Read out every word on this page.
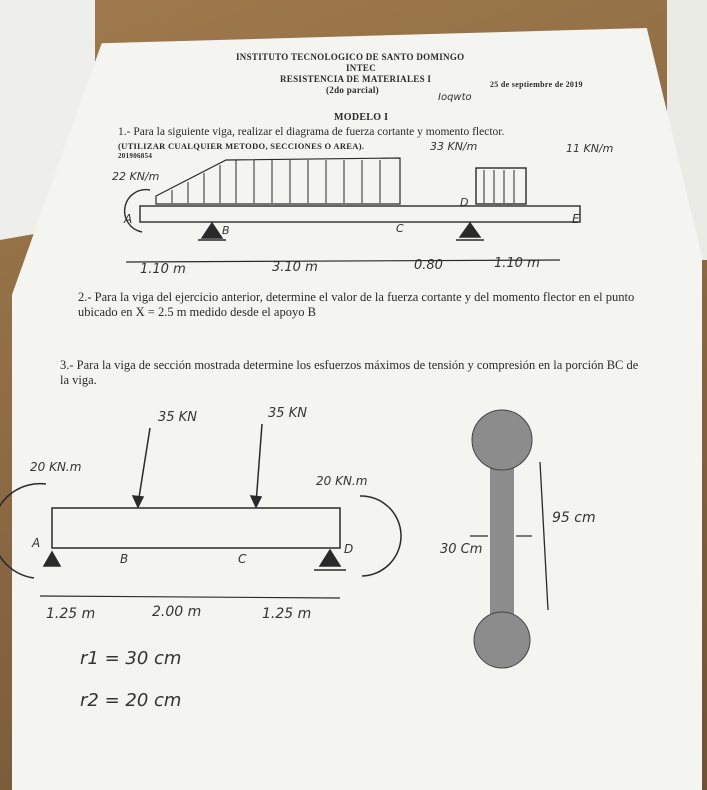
INSTITUTO TECNOLOGICO DE SANTO DOMINGO
INTEC
RESISTENCIA DE MATERIALES I
(2do parcial)
25 de septiembre de 2019
Ioqwto
MODELO I
1.- Para la siguiente viga, realizar el diagrama de fuerza cortante y momento flector.
(UTILIZAR CUALQUIER METODO, SECCIONES O AREA).
201906854
22 KN/m
33 KN/m	11 KN/m
A
B	C
D
E
1.10 m	3.10 m	0.80	1.10 m
2.- Para la viga del ejercicio anterior, determine el valor de la fuerza cortante y del momento flector en el punto ubicado en X = 2.5 m medido desde el apoyo B
3.- Para la viga de sección mostrada determine los esfuerzos máximos de tensión y compresión en la porción BC de la viga.
35 KN	35 KN
20 KN.m
20 KN.m
A
B	C
D
1.25 m	2.00 m	1.25 m
95 cm
30 Cm
r1 = 30 cm
r2 = 20 cm
